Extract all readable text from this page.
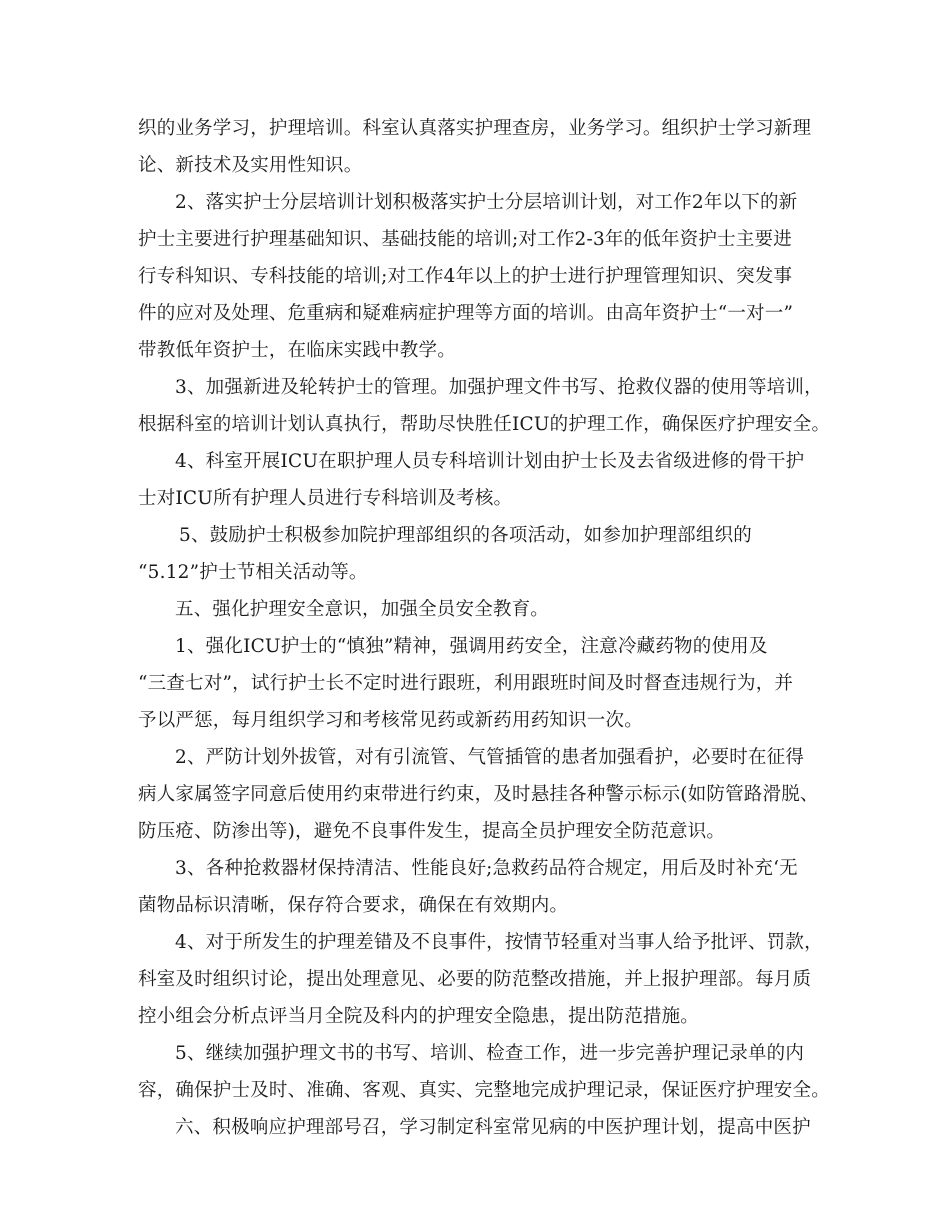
织的业务学习，护理培训。科室认真落实护理查房，业务学习。组织护士学习新理
论、新技术及实用性知识。
2、落实护士分层培训计划积极落实护士分层培训计划，对工作2年以下的新
护士主要进行护理基础知识、基础技能的培训;对工作2-3年的低年资护士主要进
行专科知识、专科技能的培训;对工作4年以上的护士进行护理管理知识、突发事
件的应对及处理、危重病和疑难病症护理等方面的培训。由高年资护士“一对一”
带教低年资护士，在临床实践中教学。
3、加强新进及轮转护士的管理。加强护理文件书写、抢救仪器的使用等培训，
根据科室的培训计划认真执行，帮助尽快胜任ICU的护理工作，确保医疗护理安全。
4、科室开展ICU在职护理人员专科培训计划由护士长及去省级进修的骨干护
士对ICU所有护理人员进行专科培训及考核。
5、鼓励护士积极参加院护理部组织的各项活动，如参加护理部组织的
“5.12”护士节相关活动等。
五、强化护理安全意识，加强全员安全教育。
1、强化ICU护士的“慎独”精神，强调用药安全，注意冷藏药物的使用及
“三查七对”，试行护士长不定时进行跟班，利用跟班时间及时督查违规行为，并
予以严惩，每月组织学习和考核常见药或新药用药知识一次。
2、严防计划外拔管，对有引流管、气管插管的患者加强看护，必要时在征得
病人家属签字同意后使用约束带进行约束，及时悬挂各种警示标示(如防管路滑脱、
防压疮、防渗出等)，避免不良事件发生，提高全员护理安全防范意识。
3、各种抢救器材保持清洁、性能良好;急救药品符合规定，用后及时补充‘无
菌物品标识清晰，保存符合要求，确保在有效期内。
4、对于所发生的护理差错及不良事件，按情节轻重对当事人给予批评、罚款，
科室及时组织讨论，提出处理意见、必要的防范整改措施，并上报护理部。每月质
控小组会分析点评当月全院及科内的护理安全隐患，提出防范措施。
5、继续加强护理文书的书写、培训、检查工作，进一步完善护理记录单的内
容，确保护士及时、准确、客观、真实、完整地完成护理记录，保证医疗护理安全。
六、积极响应护理部号召，学习制定科室常见病的中医护理计划，提高中医护
